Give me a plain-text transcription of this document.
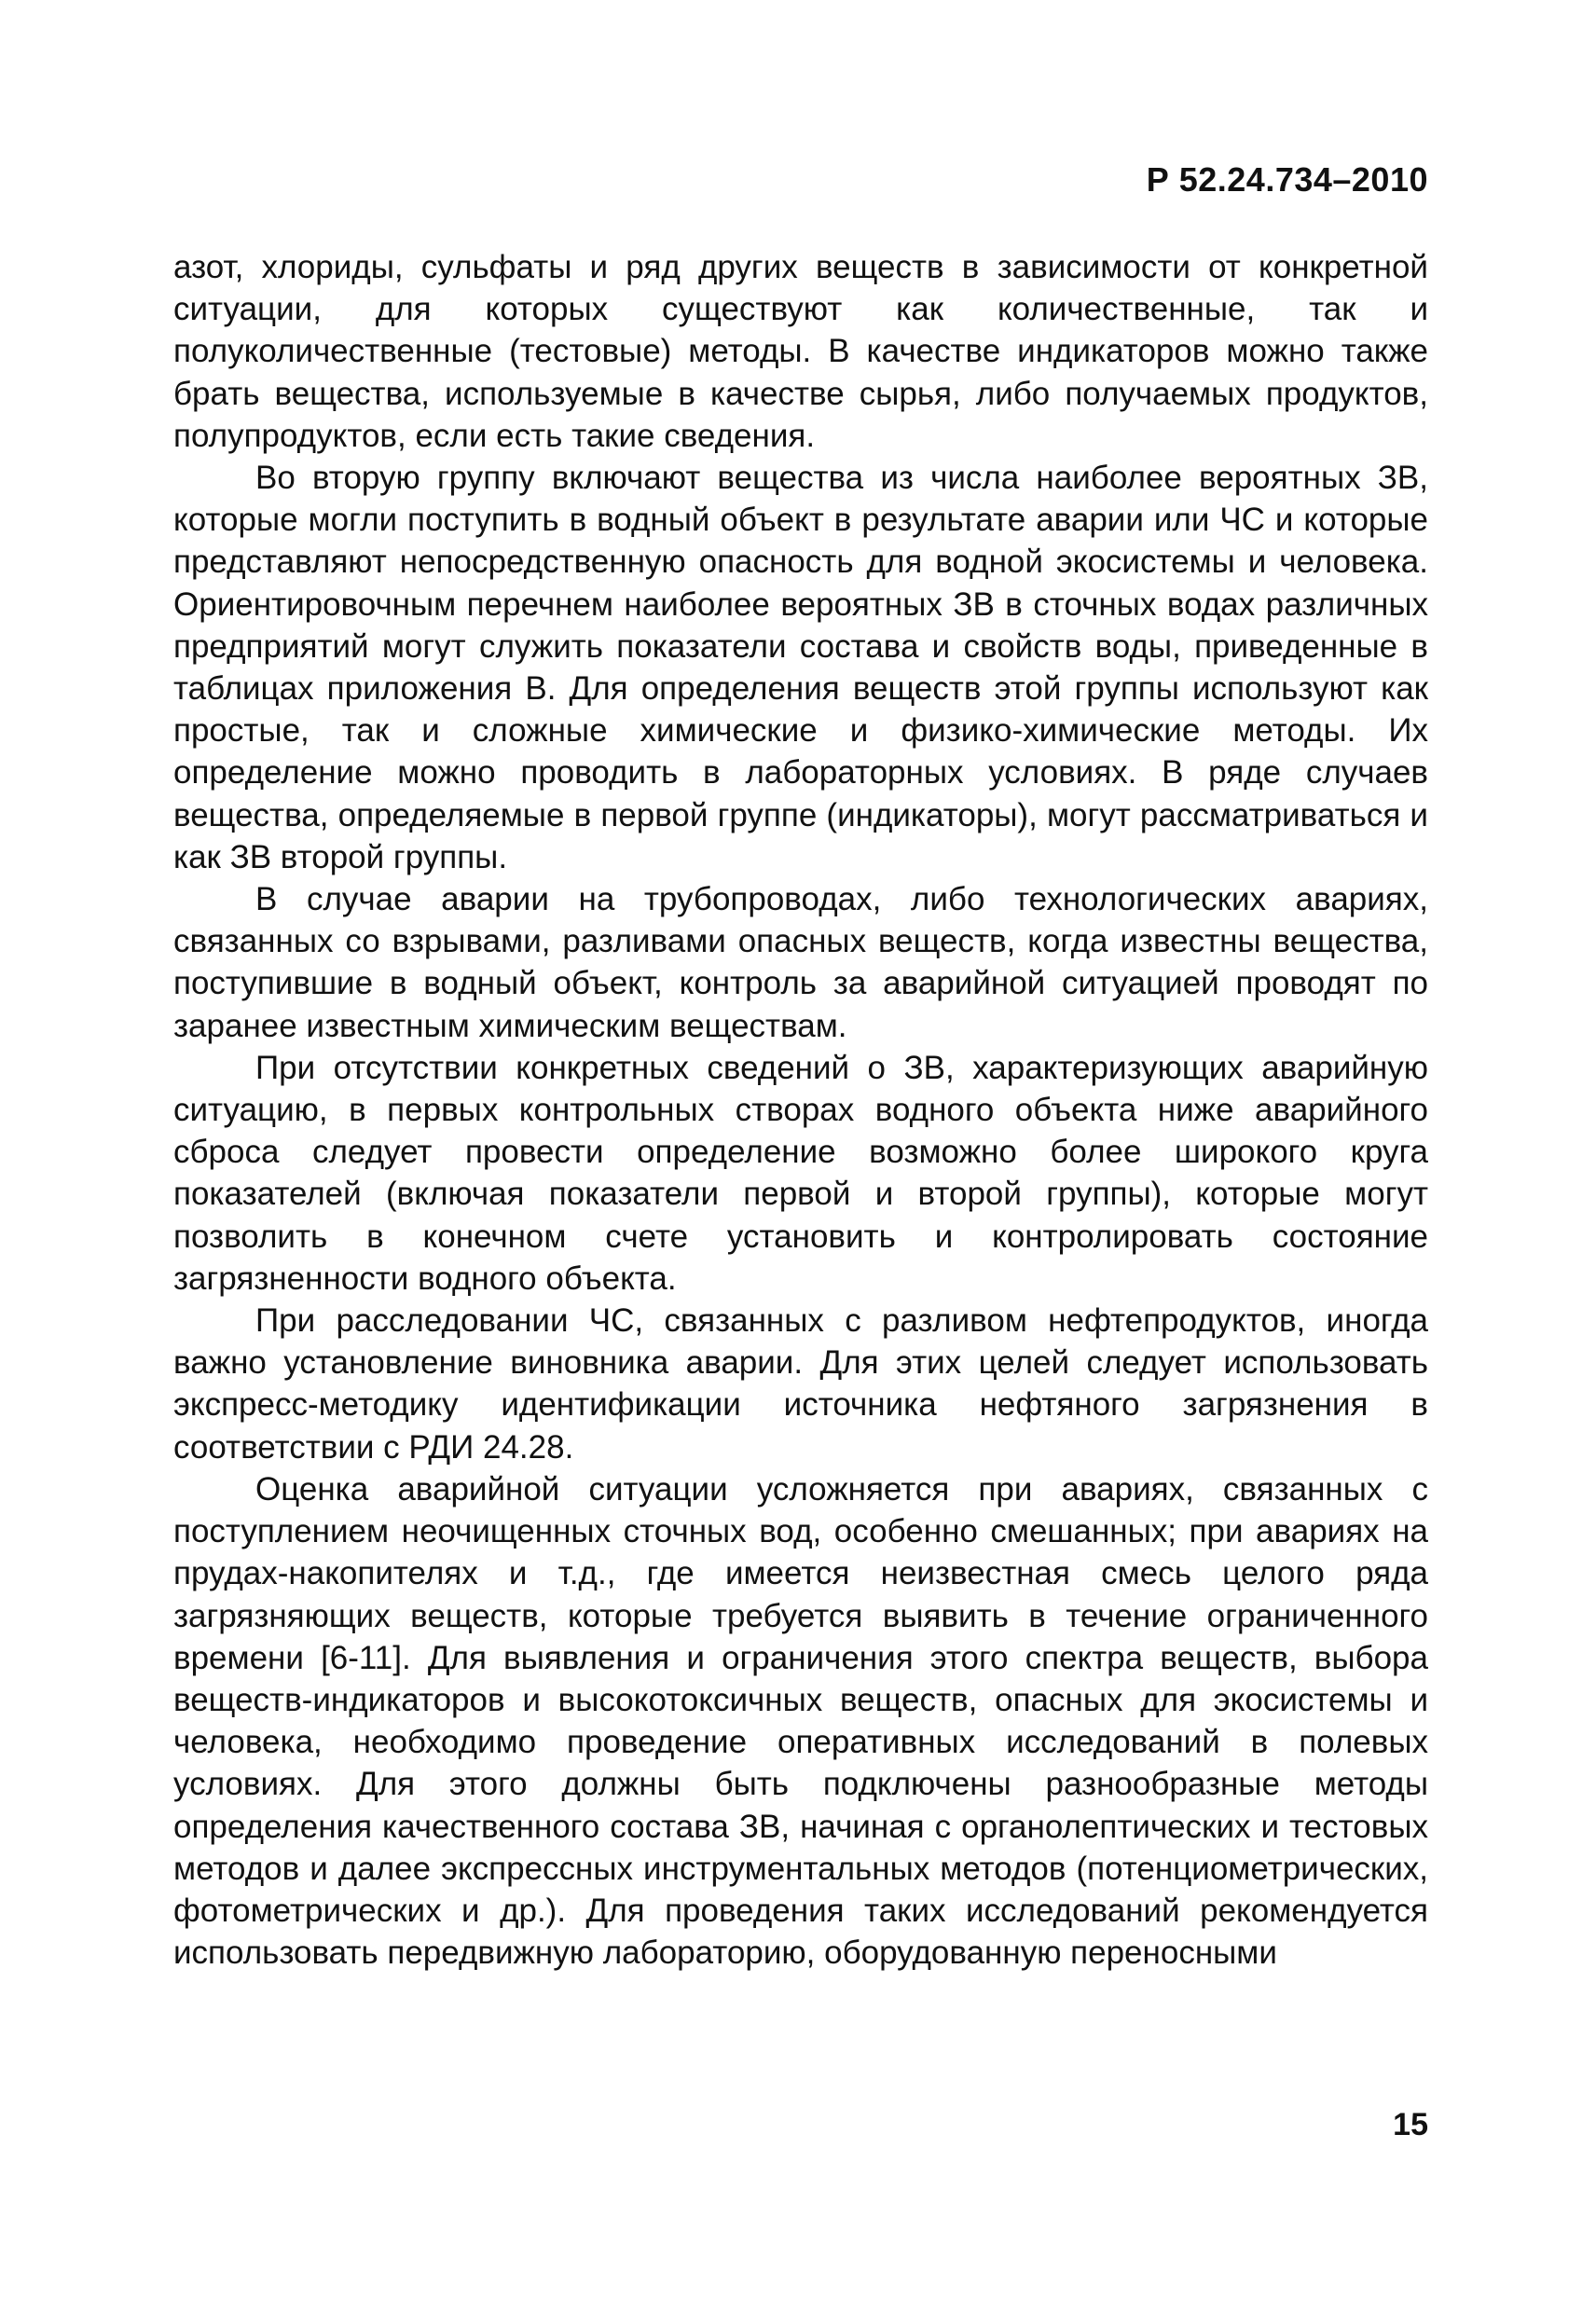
Р 52.24.734–2010

азот, хлориды, сульфаты и ряд других веществ в зависимости от конкретной ситуации, для которых существуют как количественные, так и полуколичественные (тестовые) методы. В качестве индикаторов можно также брать вещества, используемые в качестве сырья, либо получаемых продуктов, полупродуктов, если есть такие сведения.

Во вторую группу включают вещества из числа наиболее вероятных ЗВ, которые могли поступить в водный объект в результате аварии или ЧС и которые представляют непосредственную опасность для водной экосистемы и человека. Ориентировочным перечнем наиболее вероятных ЗВ в сточных водах различных предприятий могут служить показатели состава и свойств воды, приведенные в таблицах приложения В. Для определения веществ этой группы используют как простые, так и сложные химические и физико-химические методы. Их определение можно проводить в лабораторных условиях. В ряде случаев вещества, определяемые в первой группе (индикаторы), могут рассматриваться и как ЗВ второй группы.

В случае аварии на трубопроводах, либо технологических авариях, связанных со взрывами, разливами опасных веществ, когда известны вещества, поступившие в водный объект, контроль за аварийной ситуацией проводят по заранее известным химическим веществам.

При отсутствии конкретных сведений о ЗВ, характеризующих аварийную ситуацию, в первых контрольных створах водного объекта ниже аварийного сброса следует провести определение возможно более широкого круга показателей (включая показатели первой и второй группы), которые могут позволить в конечном счете установить и контролировать состояние загрязненности водного объекта.

При расследовании ЧС, связанных с разливом нефтепродуктов, иногда важно установление виновника аварии. Для этих целей следует использовать экспресс-методику идентификации источника нефтяного загрязнения в соответствии с РДИ 24.28.

Оценка аварийной ситуации усложняется при авариях, связанных с поступлением неочищенных сточных вод, особенно смешанных; при авариях на прудах-накопителях и т.д., где имеется неизвестная смесь целого ряда загрязняющих веществ, которые требуется выявить в течение ограниченного времени [6-11]. Для выявления и ограничения этого спектра веществ, выбора веществ-индикаторов и высокотоксичных веществ, опасных для экосистемы и человека, необходимо проведение оперативных исследований в полевых условиях. Для этого должны быть подключены разнообразные методы определения качественного состава ЗВ, начиная с органолептических и тестовых методов и далее экспрессных инструментальных методов (потенциометрических, фотометрических и др.). Для проведения таких исследований рекомендуется использовать передвижную лабораторию, оборудованную переносными

15
